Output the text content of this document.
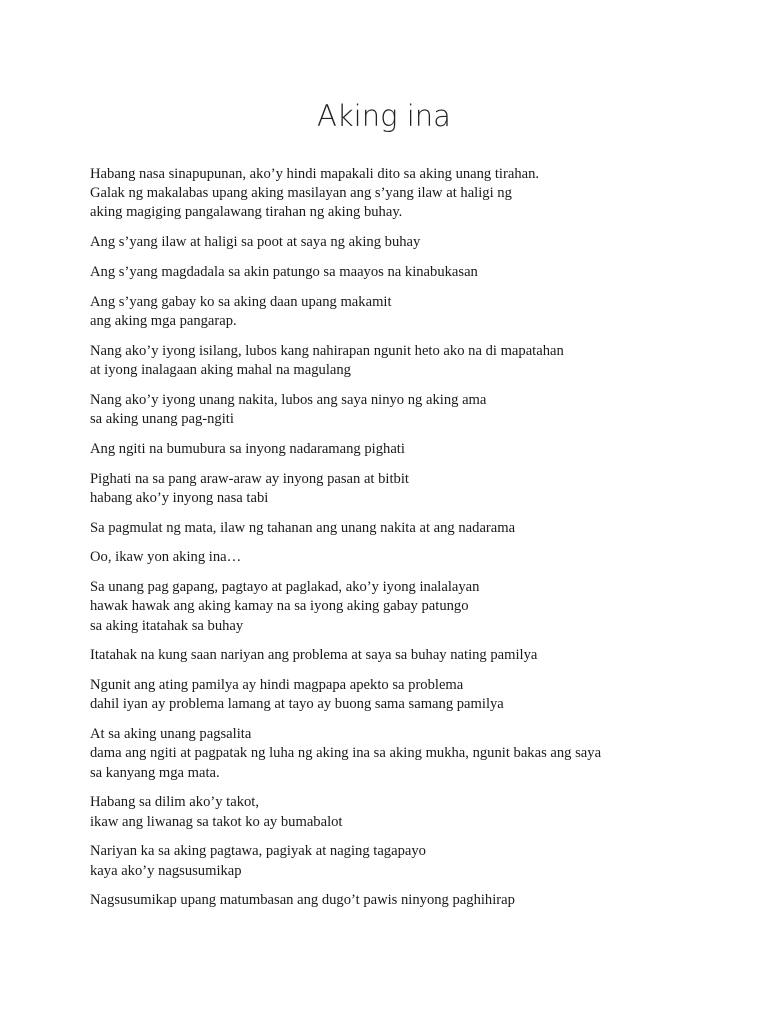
Aking ina
Habang nasa sinapupunan, ako’y hindi mapakali dito sa aking unang tirahan.
Galak ng makalabas upang aking masilayan ang s’yang ilaw at haligi ng
aking magiging pangalawang tirahan ng aking buhay.
Ang s’yang ilaw at haligi sa poot at saya ng aking buhay
Ang s’yang magdadala sa akin patungo sa maayos na kinabukasan
Ang s’yang gabay ko sa aking daan upang makamit
ang aking mga pangarap.
Nang ako’y iyong isilang, lubos kang nahirapan ngunit heto ako na di mapatahan
at iyong inalagaan aking mahal na magulang
Nang ako’y iyong unang nakita, lubos ang saya ninyo ng aking ama
sa aking unang pag-ngiti
Ang ngiti na bumubura sa inyong nadaramang pighati
Pighati na sa pang araw-araw ay inyong pasan at bitbit
habang ako’y inyong nasa tabi
Sa pagmulat ng mata, ilaw ng tahanan ang unang nakita at ang nadarama
Oo, ikaw yon aking ina…
Sa unang pag gapang, pagtayo at paglakad, ako’y iyong inalalayan
hawak hawak ang aking kamay na sa iyong aking gabay patungo
sa aking itatahak sa buhay
Itatahak na kung saan nariyan ang problema at saya sa buhay nating pamilya
Ngunit ang ating pamilya ay hindi magpapa apekto sa problema
dahil iyan ay problema lamang at tayo ay buong sama samang pamilya
At sa aking unang pagsalita
dama ang ngiti at pagpatak ng luha ng aking ina sa aking mukha, ngunit bakas ang saya
sa kanyang mga mata.
Habang sa dilim ako’y takot,
ikaw ang liwanag sa takot ko ay bumabalot
Nariyan ka sa aking pagtawa, pagiyak at naging tagapayo
kaya ako’y nagsusumikap
Nagsusumikap upang matumbasan ang dugo’t pawis ninyong paghihirap
